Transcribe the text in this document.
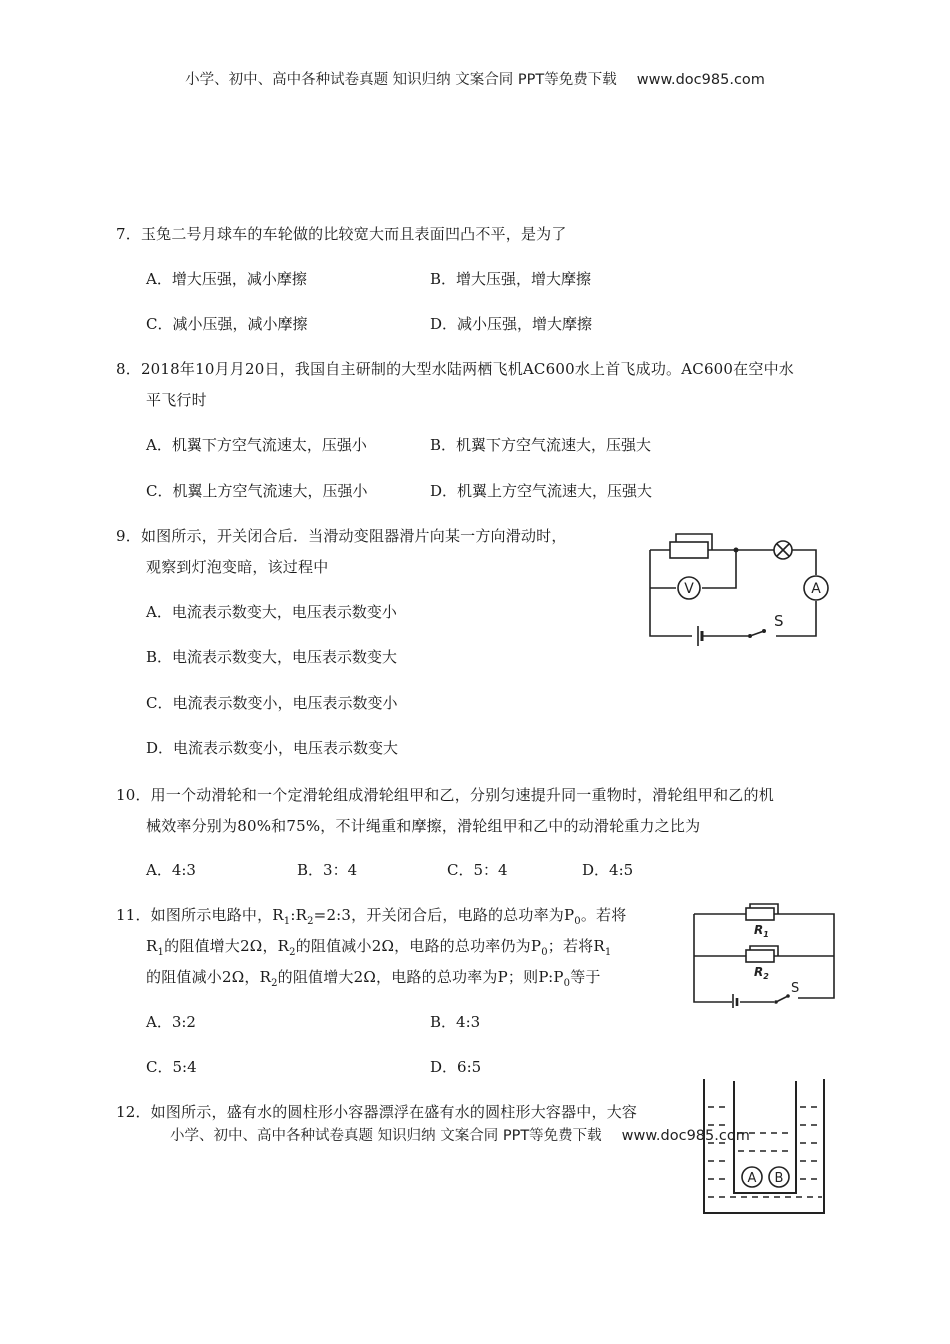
小学、初中、高中各种试卷真题 知识归纳 文案合同 PPT等免费下载 www.doc985.com
7．玉兔二号月球车的车轮做的比较宽大而且表面凹凸不平，是为了
A．增大压强，减小摩擦	B．增大压强，增大摩擦
C．减小压强，减小摩擦	D．减小压强，增大摩擦
8．2018年10月月20日，我国自主研制的大型水陆两栖飞机AC600水上首飞成功。AC600在空中水
平飞行时
A．机翼下方空气流速太，压强小	B．机翼下方空气流速大，压强大
C．机翼上方空气流速大，压强小	D．机翼上方空气流速大，压强大
9．如图所示，开关闭合后．当滑动变阻器滑片向某一方向滑动时，
观察到灯泡变暗，该过程中
A．电流表示数变大，电压表示数变小
B．电流表示数变大，电压表示数变大
C．电流表示数变小，电压表示数变小
D．电流表示数变小，电压表示数变大
V	A
S
10．用一个动滑轮和一个定滑轮组成滑轮组甲和乙，分别匀速提升同一重物时，滑轮组甲和乙的机
械效率分别为80%和75%，不计绳重和摩擦，滑轮组甲和乙中的动滑轮重力之比为
A．4:3	B．3：4	C．5：4	D．4:5
11．如图所示电路中，$R_1:R_2=2:3$，开关闭合后，电路的总功率为$P_0$。若将
$R_1$的阻值增大2Ω，$R_2$的阻值减小2Ω，电路的总功率仍为$P_0$；若将$R_1$
的阻值减小2Ω，$R_2$的阻值增大2Ω，电路的总功率为P；则$P:P_0$等于
A．3:2	B．4:3
C．5:4	D．6:5
$R_1$
$R_2$
S
12．如图所示，盛有水的圆柱形小容器漂浮在盛有水的圆柱形大容器中，大容
A B
小学、初中、高中各种试卷真题 知识归纳 文案合同 PPT等免费下载 www.doc985.com
